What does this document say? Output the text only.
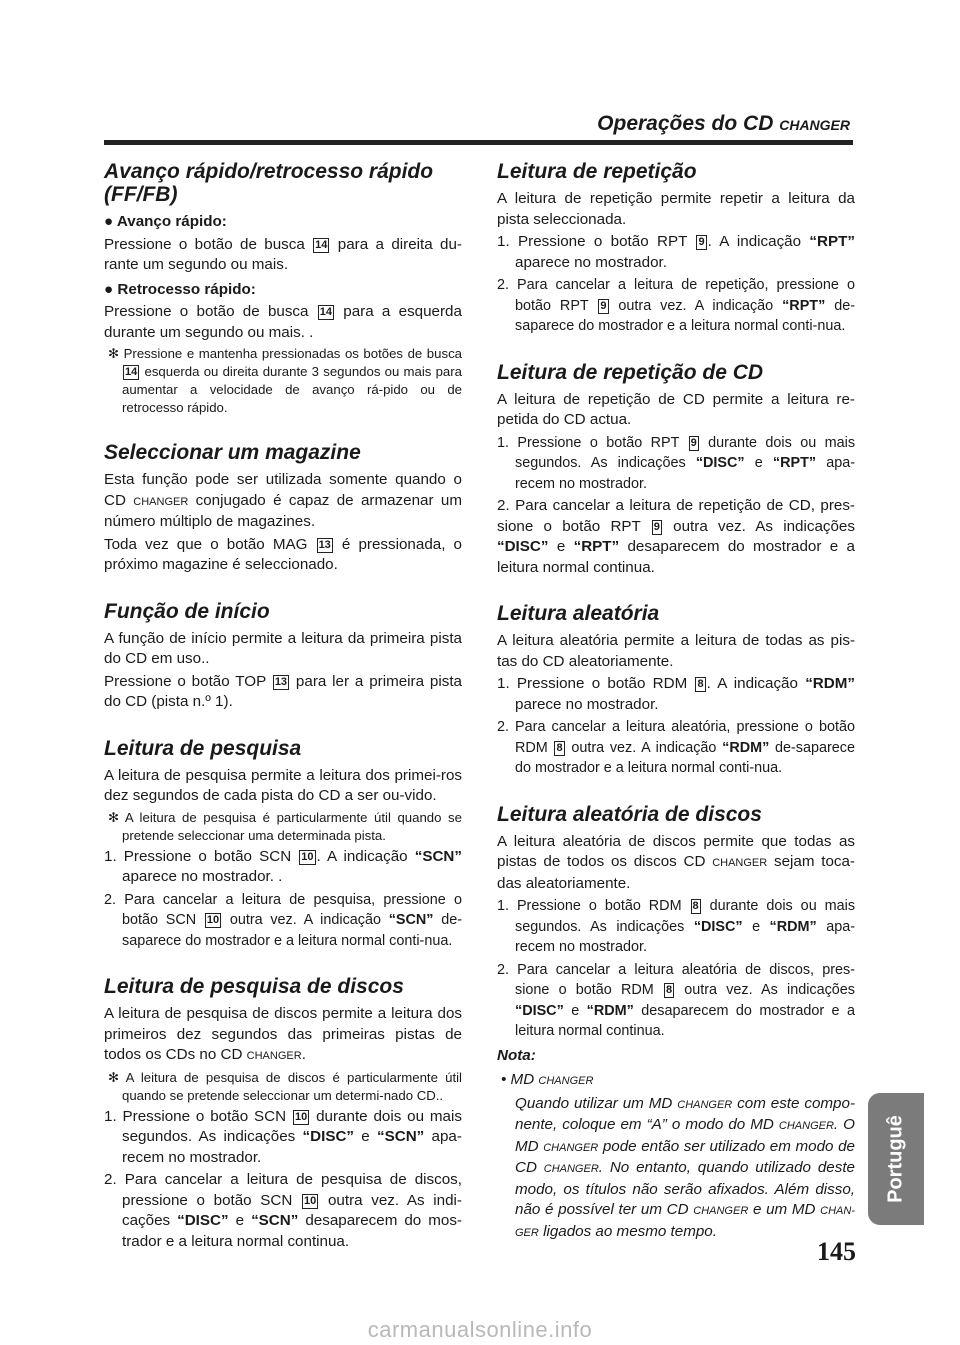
Operações do CD CHANGER
Avanço rápido/retrocesso rápido (FF/FB)
● Avanço rápido:

Pressione o botão de busca 14 para a direita du-rante um segundo ou mais.

● Retrocesso rápido:

Pressione o botão de busca 14 para a esquerda durante um segundo ou mais. .

✻ Pressione e mantenha pressionadas os botões de busca 14 esquerda ou direita durante 3 segundos ou mais para aumentar a velocidade de avanço rá-pido ou de retrocesso rápido.
Seleccionar um magazine

Esta função pode ser utilizada somente quando o CD CHANGER conjugado é capaz de armazenar um número múltiplo de magazines.

Toda vez que o botão MAG 13 é pressionada, o próximo magazine é seleccionado.

Função de início

A função de início permite a leitura da primeira pista do CD em uso..

Pressione o botão TOP 13 para ler a primeira pista do CD (pista n.º 1).

Leitura de pesquisa

A leitura de pesquisa permite a leitura dos primei-ros dez segundos de cada pista do CD a ser ou-vido.

✻ A leitura de pesquisa é particularmente útil quando se pretende seleccionar uma determinada pista.

1. Pressione o botão SCN 10 . A indicação “SCN” aparece no mostrador. .

2. Para cancelar a leitura de pesquisa, pressione o botão SCN 10 outra vez. A indicação “SCN” de-saparece do mostrador e a leitura normal conti-nua.

Leitura de pesquisa de discos

A leitura de pesquisa de discos permite a leitura dos primeiros dez segundos das primeiras pistas de todos os CDs no CD CHANGER.

✻ A leitura de pesquisa de discos é particularmente útil quando se pretende seleccionar um determi-nado CD..

1. Pressione o botão SCN 10 durante dois ou mais segundos. As indicações “DISC” e “SCN” apa-recem no mostrador.

2. Para cancelar a leitura de pesquisa de discos, pressione o botão SCN 10 outra vez. As indi-cações “DISC” e “SCN” desaparecem do mos-trador e a leitura normal continua.

Leitura de repetição

A leitura de repetição permite repetir a leitura da pista seleccionada.

1. Pressione o botão RPT 9 . A indicação “RPT” aparece no mostrador.

2. Para cancelar a leitura de repetição, pressione o botão RPT 9 outra vez. A indicação “RPT” de-saparece do mostrador e a leitura normal conti-nua.

Leitura de repetição de CD

A leitura de repetição de CD permite a leitura re-petida do CD actua.

1. Pressione o botão RPT 9 durante dois ou mais segundos. As indicações “DISC” e “RPT” apa-recem no mostrador.

2. Para cancelar a leitura de repetição de CD, pres-sione o botão RPT 9 outra vez. As indicações “DISC” e “RPT” desaparecem do mostrador e a leitura normal continua.

Leitura aleatória

A leitura aleatória permite a leitura de todas as pis-tas do CD aleatoriamente.

1. Pressione o botão RDM 8 . A indicação “RDM” parece no mostrador.

2. Para cancelar a leitura aleatória, pressione o botão RDM 8 outra vez. A indicação “RDM” de-saparece do mostrador e a leitura normal conti-nua.

Leitura aleatória de discos

A leitura aleatória de discos permite que todas as pistas de todos os discos CD CHANGER sejam toca-das aleatoriamente.

1. Pressione o botão RDM 8 durante dois ou mais segundos. As indicações “DISC” e “RDM” apa-recem no mostrador.

2. Para cancelar a leitura aleatória de discos, pres-sione o botão RDM 8 outra vez. As indicações “DISC” e “RDM” desaparecem do mostrador e a leitura normal continua.

Nota:
• MD CHANGER

Quando utilizar um MD CHANGER com este compo-nente, coloque em “A” o modo do MD CHANGER. O MD CHANGER pode então ser utilizado em modo de CD CHANGER. No entanto, quando utilizado deste modo, os títulos não serão afixados. Além disso, não é possível ter um CD CHANGER e um MD CHAN-GER ligados ao mesmo tempo.

Portuguê
145
carmanualsonline.info
